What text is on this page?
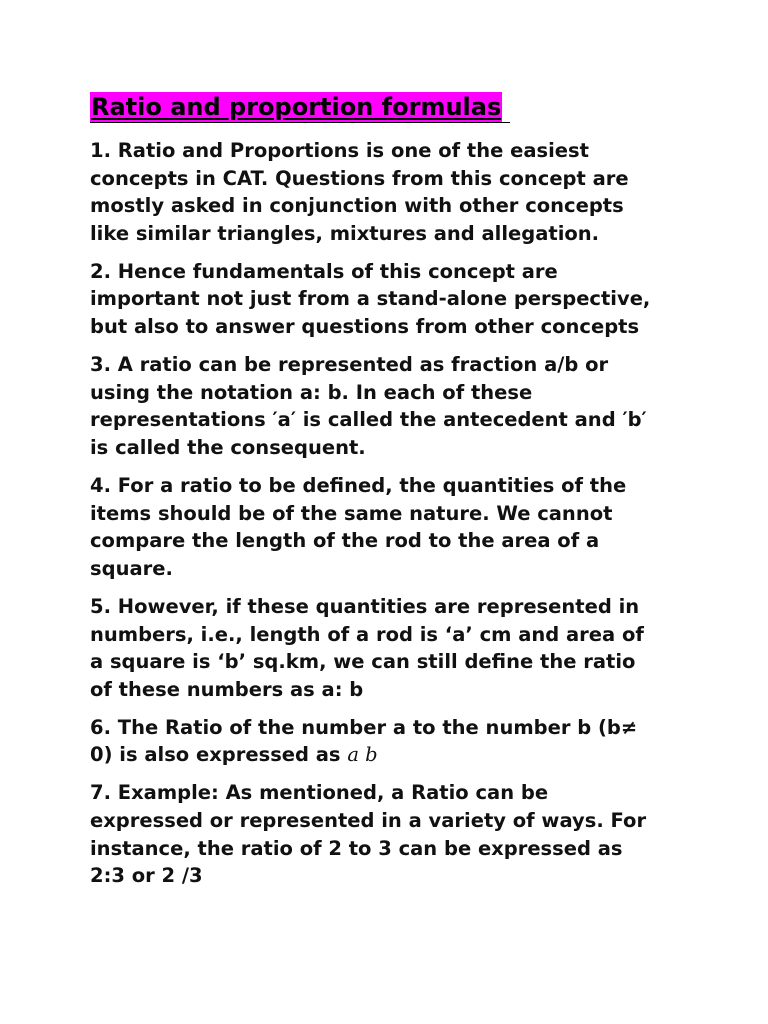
Ratio and proportion formulas
1. Ratio and Proportions is one of the easiest
concepts in CAT. Questions from this concept are
mostly asked in conjunction with other concepts
like similar triangles, mixtures and allegation.
2. Hence fundamentals of this concept are
important not just from a stand-alone perspective,
but also to answer questions from other concepts
3. A ratio can be represented as fraction a/b or
using the notation a: b. In each of these
representations ′a′ is called the antecedent and ′b′
is called the consequent.
4. For a ratio to be defined, the quantities of the
items should be of the same nature. We cannot
compare the length of the rod to the area of a
square.
5. However, if these quantities are represented in
numbers, i.e., length of a rod is ‘a’ cm and area of
a square is ‘b’ sq.km, we can still define the ratio
of these numbers as a: b
6. The Ratio of the number a to the number b (b≠
0) is also expressed as a b
7. Example: As mentioned, a Ratio can be
expressed or represented in a variety of ways. For
instance, the ratio of 2 to 3 can be expressed as
2:3 or 2 /3
